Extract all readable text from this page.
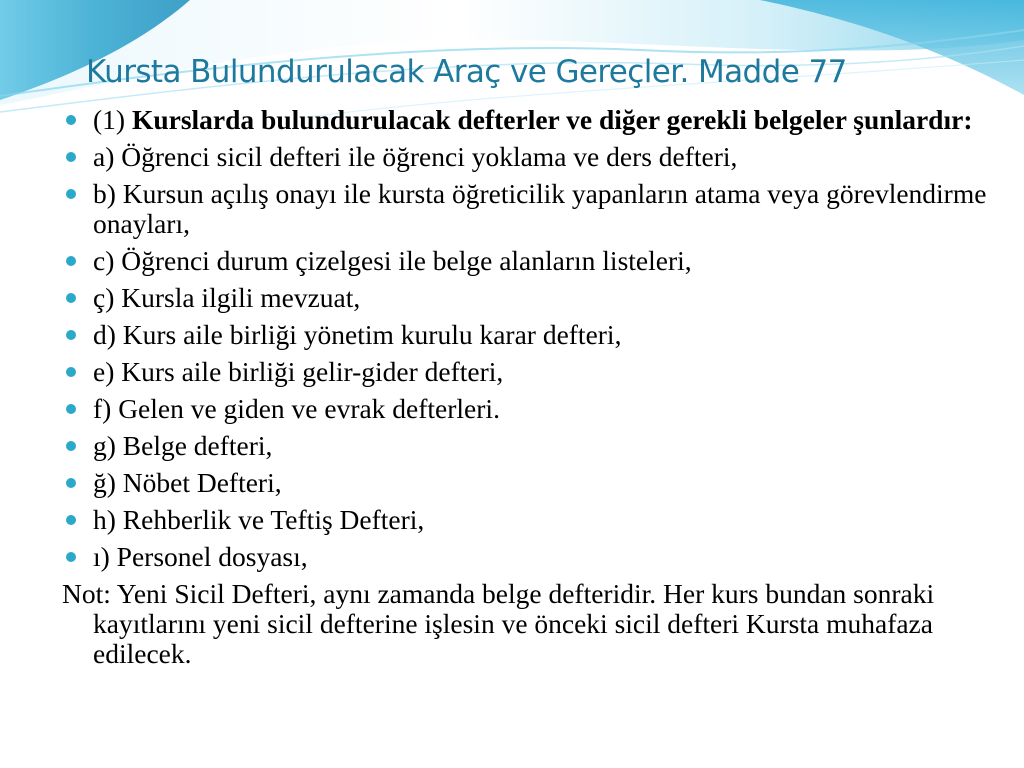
Kursta Bulundurulacak Araç ve Gereçler. Madde 77
(1) Kurslarda bulundurulacak defterler ve diğer gerekli belgeler şunlardır:
a) Öğrenci sicil defteri ile öğrenci yoklama ve ders defteri,
b) Kursun açılış onayı ile kursta öğreticilik yapanların atama veya görevlendirme onayları,
c) Öğrenci durum çizelgesi ile belge alanların listeleri,
ç) Kursla ilgili mevzuat,
d) Kurs aile birliği yönetim kurulu karar defteri,
e) Kurs aile birliği gelir-gider defteri,
f) Gelen ve giden ve evrak defterleri.
g) Belge defteri,
ğ) Nöbet Defteri,
h) Rehberlik ve Teftiş Defteri,
ı) Personel dosyası,

Not: Yeni Sicil Defteri, aynı zamanda belge defteridir. Her kurs bundan sonraki kayıtlarını yeni sicil defterine işlesin ve önceki sicil defteri Kursta muhafaza edilecek.
